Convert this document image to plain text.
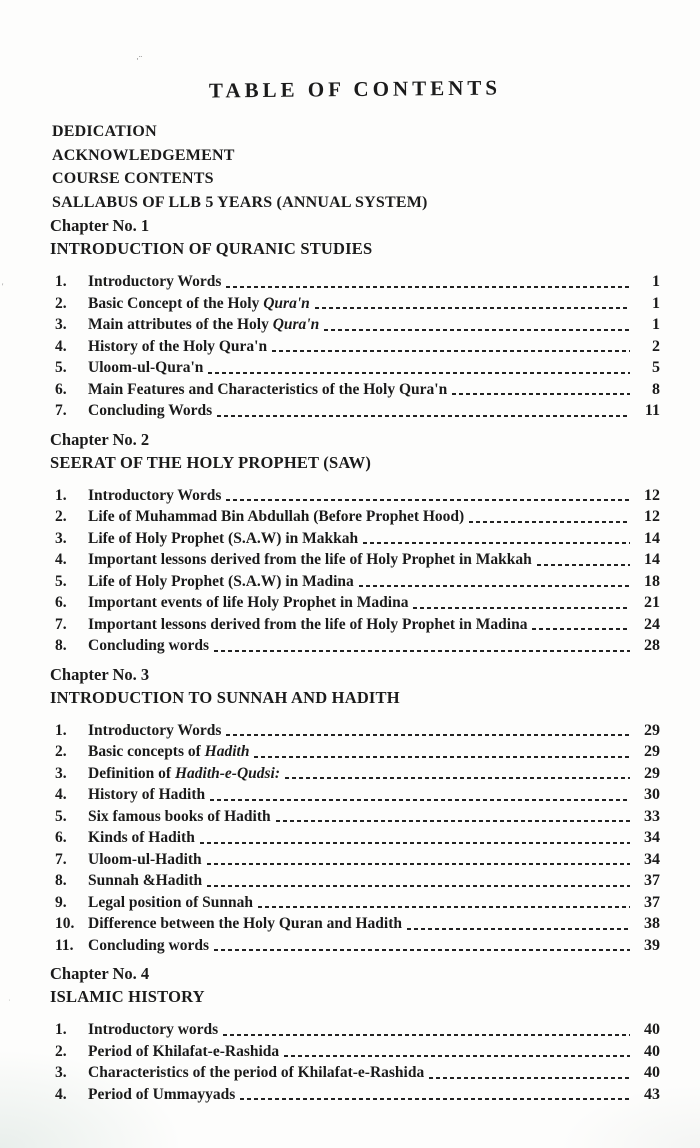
·¨
'
˙
TABLE OF CONTENTS
DEDICATION
ACKNOWLEDGEMENT
COURSE CONTENTS
SALLABUS OF LLB 5 YEARS (ANNUAL SYSTEM)
Chapter No. 1
INTRODUCTION OF QURANIC STUDIES
1.	Introductory Words	1
2.	Basic Concept of the Holy Qura'n	1
3.	Main attributes of the Holy Qura'n	1
4.	History of the Holy Qura'n	2
5.	Uloom-ul-Qura'n	5
6.	Main Features and Characteristics of the Holy Qura'n	8
7.	Concluding Words	11
Chapter No. 2
SEERAT OF THE HOLY PROPHET (SAW)
1.	Introductory Words	12
2.	Life of Muhammad Bin Abdullah (Before Prophet Hood)	12
3.	Life of Holy Prophet (S.A.W) in Makkah	14
4.	Important lessons derived from the life of Holy Prophet in Makkah	14
5.	Life of Holy Prophet (S.A.W) in Madina	18
6.	Important events of life Holy Prophet in Madina	21
7.	Important lessons derived from the life of Holy Prophet in Madina	24
8.	Concluding words	28
Chapter No. 3
INTRODUCTION TO SUNNAH AND HADITH
1.	Introductory Words	29
2.	Basic concepts of Hadith	29
3.	Definition of Hadith-e-Qudsi:	29
4.	History of Hadith	30
5.	Six famous books of Hadith	33
6.	Kinds of Hadith	34
7.	Uloom-ul-Hadith	34
8.	Sunnah &Hadith	37
9.	Legal position of Sunnah	37
10. Difference between the Holy Quran and Hadith	38
11. Concluding words	39
Chapter No. 4
ISLAMIC HISTORY
1.	Introductory words	40
2.	Period of Khilafat-e-Rashida	40
3.	Characteristics of the period of Khilafat-e-Rashida	40
4.	Period of Ummayyads	43
